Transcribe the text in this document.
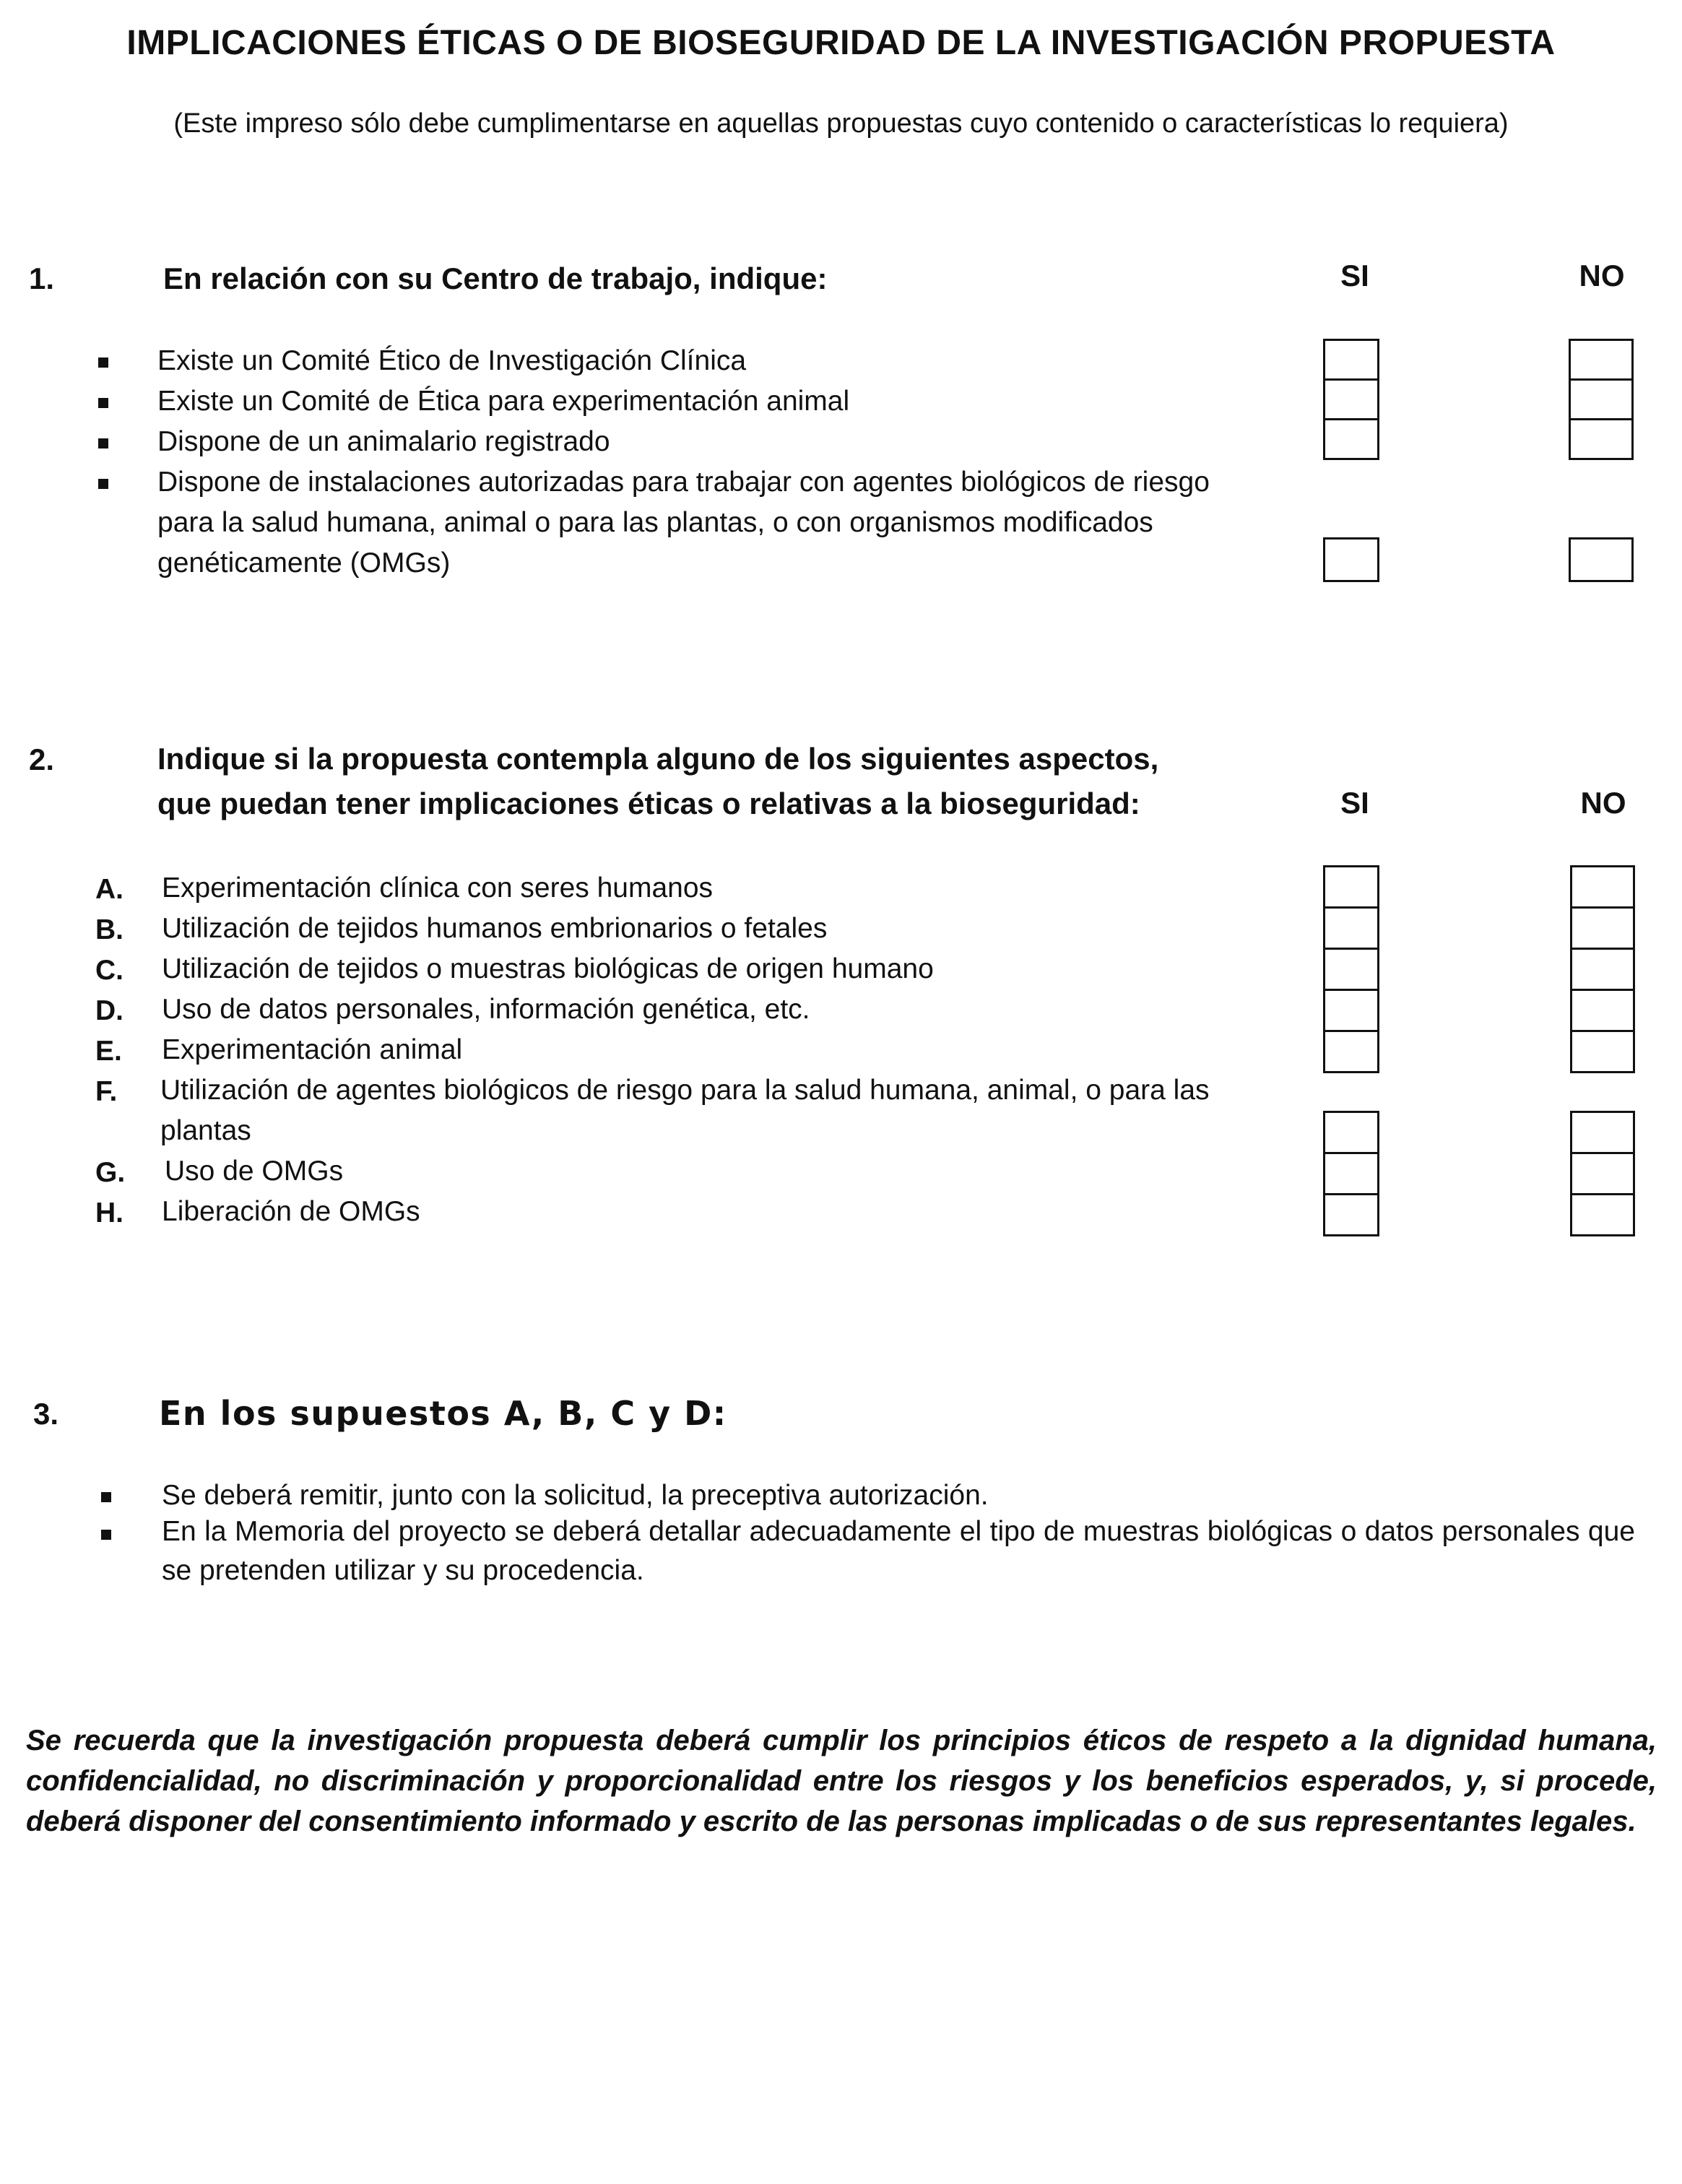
IMPLICACIONES ÉTICAS O DE BIOSEGURIDAD DE LA INVESTIGACIÓN PROPUESTA
(Este impreso sólo debe cumplimentarse en aquellas propuestas cuyo contenido o características lo requiera)
1.	En relación con su Centro de trabajo, indique:	SI	NO
Existe un Comité Ético de Investigación Clínica
Existe un Comité de Ética para experimentación animal
Dispone de un animalario registrado
Dispone de instalaciones autorizadas para trabajar con agentes biológicos de riesgo para la salud humana, animal o para las plantas, o con organismos modificados genéticamente (OMGs)
2.	Indique si la propuesta contempla alguno de los siguientes aspectos,
que puedan tener implicaciones éticas o relativas a la bioseguridad:	SI	NO
A. Experimentación clínica con seres humanos
B. Utilización de tejidos humanos embrionarios o fetales
C. Utilización de tejidos o muestras biológicas de origen humano
D. Uso de datos personales, información genética, etc.
E. Experimentación animal
F. Utilización de agentes biológicos de riesgo para la salud humana, animal, o para las plantas
G. Uso de OMGs
H. Liberación de OMGs
3.	En los supuestos A, B, C y D:
Se deberá remitir, junto con la solicitud, la preceptiva autorización.
En la Memoria del proyecto se deberá detallar adecuadamente el tipo de muestras biológicas o datos personales que se pretenden utilizar y su procedencia.
Se recuerda que la investigación propuesta deberá cumplir los principios éticos de respeto a la dignidad humana, confidencialidad, no discriminación y proporcionalidad entre los riesgos y los beneficios esperados, y, si procede, deberá disponer del consentimiento informado y escrito de las personas implicadas o de sus representantes legales.
